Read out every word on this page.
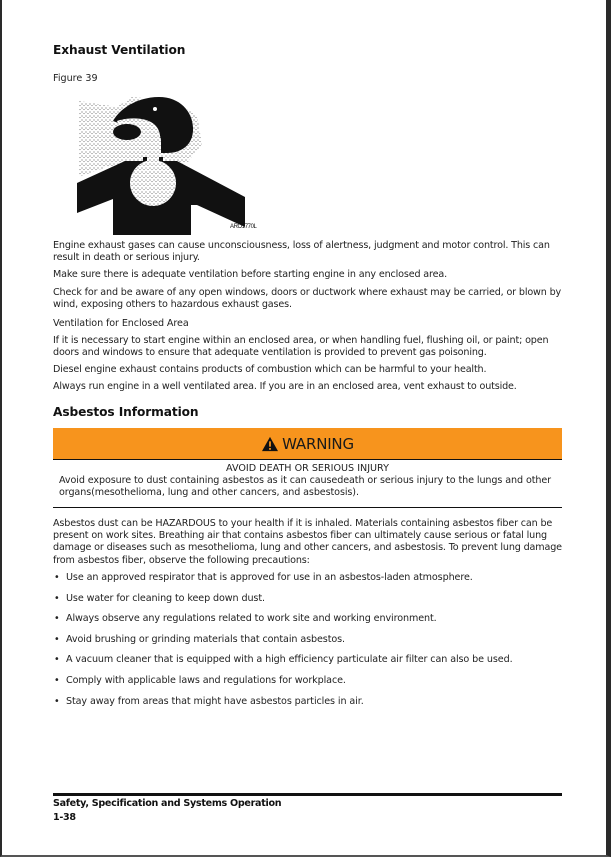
Exhaust Ventilation
Figure 39
ARO1770L
Engine exhaust gases can cause unconsciousness, loss of alertness, judgment and motor control. This can result in death or serious injury.
Make sure there is adequate ventilation before starting engine in any enclosed area.
Check for and be aware of any open windows, doors or ductwork where exhaust may be carried, or blown by wind, exposing others to hazardous exhaust gases.
Ventilation for Enclosed Area
If it is necessary to start engine within an enclosed area, or when handling fuel, flushing oil, or paint; open doors and windows to ensure that adequate ventilation is provided to prevent gas poisoning.
Diesel engine exhaust contains products of combustion which can be harmful to your health.
Always run engine in a well ventilated area. If you are in an enclosed area, vent exhaust to outside.
Asbestos Information
WARNING
AVOID DEATH OR SERIOUS INJURY
Avoid exposure to dust containing asbestos as it can causedeath or serious injury to the lungs and other organs(mesothelioma, lung and other cancers, and asbestosis).
Asbestos dust can be HAZARDOUS to your health if it is inhaled. Materials containing asbestos fiber can be present on work sites. Breathing air that contains asbestos fiber can ultimately cause serious or fatal lung damage or diseases such as mesothelioma, lung and other cancers, and asbestosis. To prevent lung damage from asbestos fiber, observe the following precautions:
• Use an approved respirator that is approved for use in an asbestos-laden atmosphere.
• Use water for cleaning to keep down dust.
• Always observe any regulations related to work site and working environment.
• Avoid brushing or grinding materials that contain asbestos.
• A vacuum cleaner that is equipped with a high efficiency particulate air filter can also be used.
• Comply with applicable laws and regulations for workplace.
• Stay away from areas that might have asbestos particles in air.
Safety, Specification and Systems Operation
1-38
